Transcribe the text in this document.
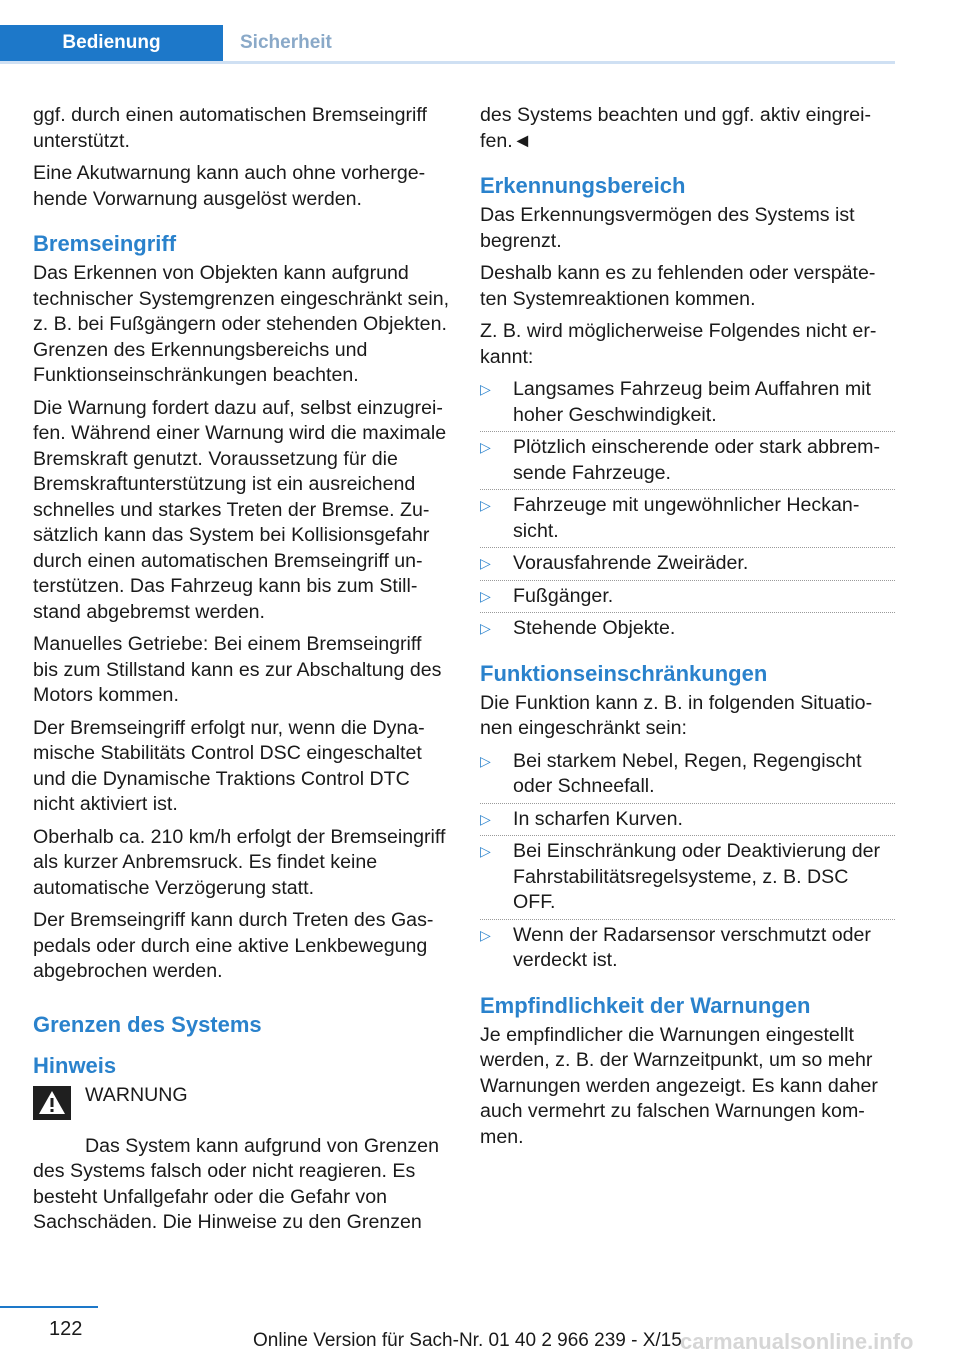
Bedienung	Sicherheit

ggf. durch einen automatischen Bremseingriff unterstützt.

Eine Akutwarnung kann auch ohne vorhergehende Vorwarnung ausgelöst werden.

Bremseingriff

Das Erkennen von Objekten kann aufgrund technischer Systemgrenzen eingeschränkt sein, z. B. bei Fußgängern oder stehenden Objekten. Grenzen des Erkennungsbereichs und Funktionseinschränkungen beachten.

Die Warnung fordert dazu auf, selbst einzugreifen. Während einer Warnung wird die maximale Bremskraft genutzt. Voraussetzung für die Bremskraftunterstützung ist ein ausreichend schnelles und starkes Treten der Bremse. Zusätzlich kann das System bei Kollisionsgefahr durch einen automatischen Bremseingriff unterstützen. Das Fahrzeug kann bis zum Stillstand abgebremst werden.

Manuelles Getriebe: Bei einem Bremseingriff bis zum Stillstand kann es zur Abschaltung des Motors kommen.

Der Bremseingriff erfolgt nur, wenn die Dynamische Stabilitäts Control DSC eingeschaltet und die Dynamische Traktions Control DTC nicht aktiviert ist.

Oberhalb ca. 210 km/h erfolgt der Bremseingriff als kurzer Anbremsruck. Es findet keine automatische Verzögerung statt.

Der Bremseingriff kann durch Treten des Gaspedals oder durch eine aktive Lenkbewegung abgebrochen werden.

Grenzen des Systems
Hinweis
WARNUNG
Das System kann aufgrund von Grenzen des Systems falsch oder nicht reagieren. Es besteht Unfallgefahr oder die Gefahr von Sachschäden. Die Hinweise zu den Grenzen

des Systems beachten und ggf. aktiv eingreifen.◄

Erkennungsbereich

Das Erkennungsvermögen des Systems ist begrenzt.

Deshalb kann es zu fehlenden oder verspäteten Systemreaktionen kommen.

Z. B. wird möglicherweise Folgendes nicht erkannt:

▷ Langsames Fahrzeug beim Auffahren mit hoher Geschwindigkeit.
▷ Plötzlich einscherende oder stark abbremsende Fahrzeuge.
▷ Fahrzeuge mit ungewöhnlicher Heckansicht.
▷ Vorausfahrende Zweiräder.
▷ Fußgänger.
▷ Stehende Objekte.
Funktionseinschränkungen

Die Funktion kann z. B. in folgenden Situationen eingeschränkt sein:

▷ Bei starkem Nebel, Regen, Regengischt oder Schneefall.
▷ In scharfen Kurven.
▷ Bei Einschränkung oder Deaktivierung der Fahrstabilitätsregelsysteme, z. B. DSC OFF.
▷ Wenn der Radarsensor verschmutzt oder verdeckt ist.
Empfindlichkeit der Warnungen

Je empfindlicher die Warnungen eingestellt werden, z. B. der Warnzeitpunkt, um so mehr Warnungen werden angezeigt. Es kann daher auch vermehrt zu falschen Warnungen kommen.

122
Online Version für Sach-Nr. 01 40 2 966 239 - X/15
carmanualsonline.info
